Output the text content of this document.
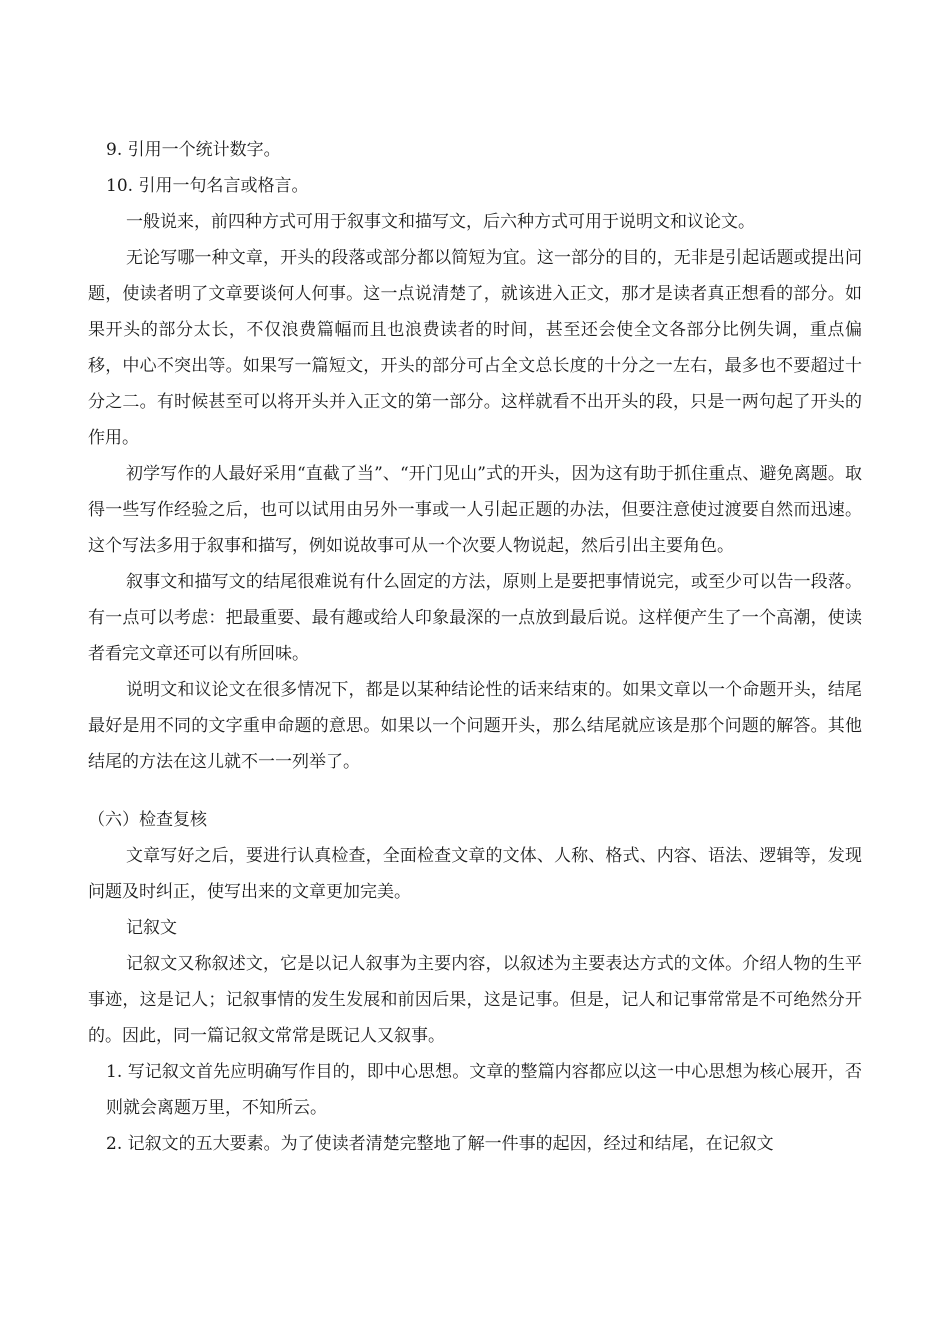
9. 引用一个统计数字。

10. 引用一句名言或格言。

一般说来，前四种方式可用于叙事文和描写文，后六种方式可用于说明文和议论文。

无论写哪一种文章，开头的段落或部分都以简短为宜。这一部分的目的，无非是引起话题或提出问题，使读者明了文章要谈何人何事。这一点说清楚了，就该进入正文，那才是读者真正想看的部分。如果开头的部分太长，不仅浪费篇幅而且也浪费读者的时间，甚至还会使全文各部分比例失调，重点偏移，中心不突出等。如果写一篇短文，开头的部分可占全文总长度的十分之一左右，最多也不要超过十分之二。有时候甚至可以将开头并入正文的第一部分。这样就看不出开头的段，只是一两句起了开头的作用。

初学写作的人最好采用“直截了当”、“开门见山”式的开头，因为这有助于抓住重点、避免离题。取得一些写作经验之后，也可以试用由另外一事或一人引起正题的办法，但要注意使过渡要自然而迅速。这个写法多用于叙事和描写，例如说故事可从一个次要人物说起，然后引出主要角色。

叙事文和描写文的结尾很难说有什么固定的方法，原则上是要把事情说完，或至少可以告一段落。有一点可以考虑：把最重要、最有趣或给人印象最深的一点放到最后说。这样便产生了一个高潮，使读者看完文章还可以有所回味。

说明文和议论文在很多情况下，都是以某种结论性的话来结束的。如果文章以一个命题开头，结尾最好是用不同的文字重申命题的意思。如果以一个问题开头，那么结尾就应该是那个问题的解答。其他结尾的方法在这儿就不一一列举了。

（六）检查复核

文章写好之后，要进行认真检查，全面检查文章的文体、人称、格式、内容、语法、逻辑等，发现问题及时纠正，使写出来的文章更加完美。

记叙文

记叙文又称叙述文，它是以记人叙事为主要内容，以叙述为主要表达方式的文体。介绍人物的生平事迹，这是记人；记叙事情的发生发展和前因后果，这是记事。但是，记人和记事常常是不可绝然分开的。因此，同一篇记叙文常常是既记人又叙事。

1. 写记叙文首先应明确写作目的，即中心思想。文章的整篇内容都应以这一中心思想为核心展开，否则就会离题万里，不知所云。

2. 记叙文的五大要素。为了使读者清楚完整地了解一件事的起因，经过和结尾，在记叙文
